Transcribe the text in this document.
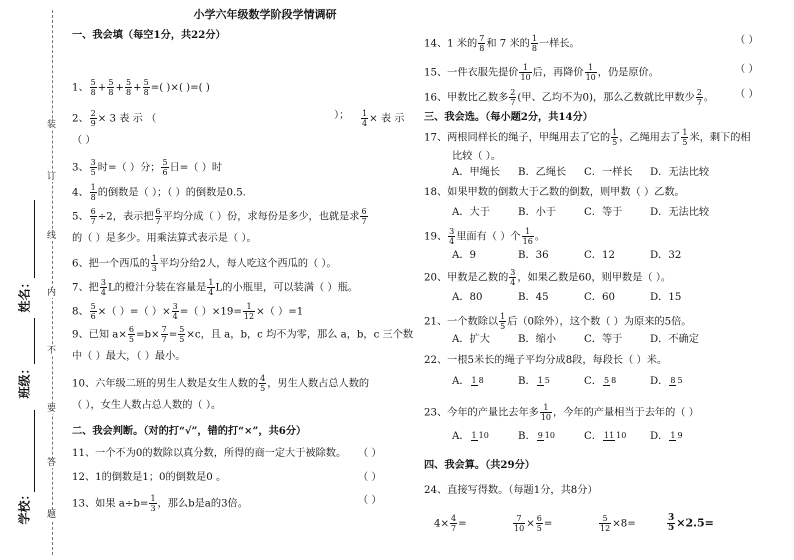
装
订
线
内
不
要
答
题
姓名：
班级：
学校：
小学六年级数学阶段学情调研
一、我会填（每空1分，共22分）
1、 $\frac{5}{8} + \frac{5}{8} + \frac{5}{8} + \frac{5}{8}$ =( )×( )=( )
2、 $\frac{2}{9} \times 3$ 表 示 （	）； $\frac{1}{4}$ × 表 示
（ ）
3、 $\frac{3}{5}$ 时=（ ）分； $\frac{5}{6}$ 日=（ ）时
4、 $\frac{1}{8}$ 的倒数是（ ）；（ ）的倒数是0.5.
5、 $\frac{6}{7} \div 2$，表示把 $\frac{6}{7}$ 平均分成（ ）份，求每份是多少，也就是求 $\frac{6}{7}$
的（ ）是多少。用乘法算式表示是（ ）。
6、把一个西瓜的 $\frac{1}{3}$ 平均分给2人，每人吃这个西瓜的（ ）。
7、把 $\frac{3}{4}$ L的橙汁分装在容量是 $\frac{1}{4}$ L的小瓶里，可以装满（ ）瓶。
8、 $\frac{5}{6}$ ×（ ）=（ ）× $\frac{3}{4}$ =（ ）$\times 19= \frac{1}{12}$ ×（ ）=1
9、已知 $a\times \frac{6}{5} =b\times \frac{7}{7} = \frac{5}{5} \times c$，且 a，b，c 均不为零，那么 a，b，c 三个数
中（ ）最大，（ ）最小。
10、六年级二班的男生人数是女生人数的 $\frac{4}{5}$ ，男生人数占总人数的
（ ），女生人数占总人数的（ ）。
二、我会判断。（对的打“√”，错的打“×”，共6分）
11、一个不为0的数除以真分数，所得的商一定大于被除数。 （ ）
12、1的倒数是1；0的倒数是0 。	（ ）
13、如果 $a\div b= \frac{1}{3}$ ，那么b是a的3倍。	（ ）
14、1 米的 $\frac{7}{8}$ 和 7 米的 $\frac{1}{8}$ 一样长。	（ ）
15、一件衣服先提价 $\frac{1}{10}$ 后，再降价 $\frac{1}{10}$ ，仍是原价。	（ ）
16、甲数比乙数多 $\frac{2}{7}$ (甲、乙均不为0)，那么乙数就比甲数少 $\frac{2}{7}$ 。 （ ）
三、我会选。（每小题2分，共14分）
17、两根同样长的绳子，甲绳用去了它的 $\frac{1}{5}$ ，乙绳用去了 $\frac{1}{5}$ 米，剩下的相
比较（ ）。
A．甲绳长 B．乙绳长 C．一样长 D．无法比较
18、如果甲数的倒数大于乙数的倒数，则甲数（ ）乙数。
A．大于	B．小于	C．等于	D．无法比较
19、 $\frac{3}{4}$ 里面有（ ）个 $\frac{1}{16}$ 。
A．9	B．36	C．12	D．32
20、甲数是乙数的 $\frac{3}{4}$ ，如果乙数是60，则甲数是（ ）。
A．80	B．45	C．60	D．15
21、一个数除以 $\frac{1}{5}$ 后（0除外），这个数（ ）为原来的5倍。
A．扩大	B．缩小	C．等于	D．不确定
22、一根5米长的绳子平均分成8段，每段长（ ）米。
A． 1 8	B． 1 5	C． 5 8	D． 8 5
23、今年的产量比去年多 $\frac{1}{10}$ ，今年的产量相当于去年的（ ）
A． 1 10	B． 9 10	C． 11 10 D． 1 9
四、我会算。（共29分）
24、直接写得数。（每题1分，共8分）
$4\times \frac{4}{7}$ =	$\frac{7}{10} \times \frac{6}{5}$ =	$\frac{5}{12} \times 8=$	$\frac{3}{5} \times 2.5=$
